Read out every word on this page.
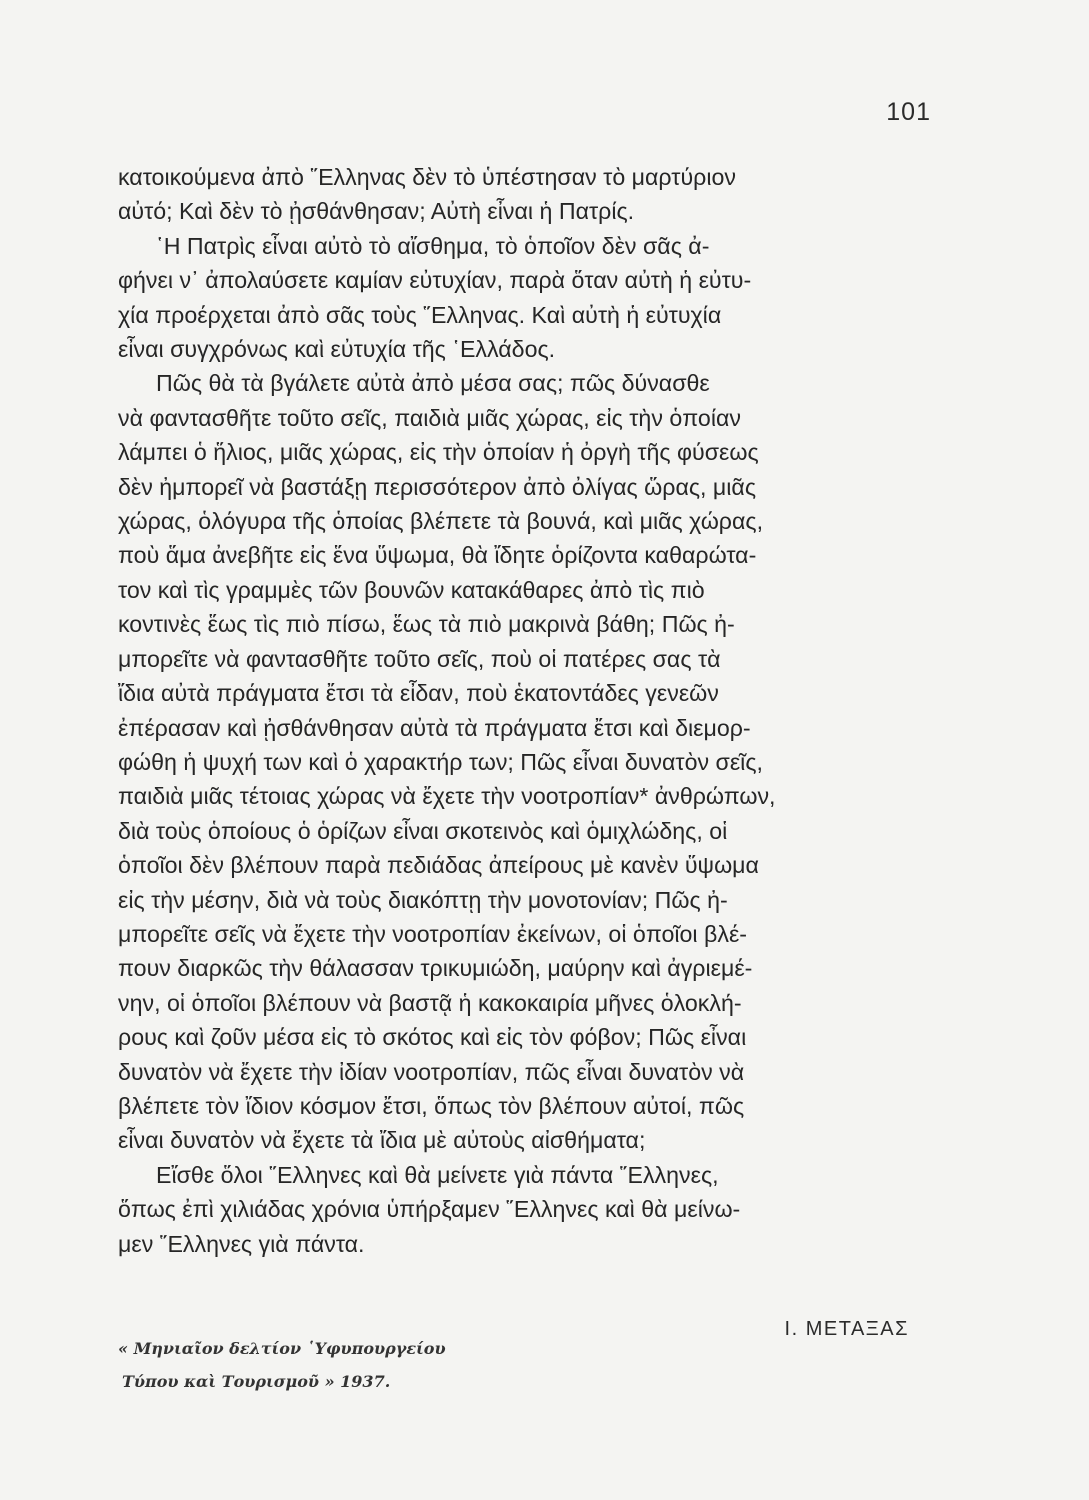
101
κατοικούμενα ἀπὸ ῞Ελληνας δὲν τὸ ὑπέστησαν τὸ μαρτύριον
αὐτό; Καὶ δὲν τὸ ᾐσθάνθησαν; Αὐτὴ εἶναι ἡ Πατρίς.
῾Η Πατρὶς εἶναι αὐτὸ τὸ αἴσθημα, τὸ ὁποῖον δὲν σᾶς ἀ-
φήνει ν᾽ ἀπολαύσετε καμίαν εὐτυχίαν, παρὰ ὅταν αὐτὴ ἡ εὐτυ-
χία προέρχεται ἀπὸ σᾶς τοὺς ῞Ελληνας. Καὶ αὐτὴ ἡ εὐτυχία
εἶναι συγχρόνως καὶ εὐτυχία τῆς ῾Ελλάδος.
Πῶς θὰ τὰ βγάλετε αὐτὰ ἀπὸ μέσα σας; πῶς δύνασθε
νὰ φαντασθῆτε τοῦτο σεῖς, παιδιὰ μιᾶς χώρας, εἰς τὴν ὁποίαν
λάμπει ὁ ἥλιος, μιᾶς χώρας, εἰς τὴν ὁποίαν ἡ ὀργὴ τῆς φύσεως
δὲν ἠμπορεῖ νὰ βαστάξῃ περισσότερον ἀπὸ ὀλίγας ὥρας, μιᾶς
χώρας, ὁλόγυρα τῆς ὁποίας βλέπετε τὰ βουνά, καὶ μιᾶς χώρας,
ποὺ ἅμα ἀνεβῆτε εἰς ἕνα ὕψωμα, θὰ ἴδητε ὁρίζοντα καθαρώτα-
τον καὶ τὶς γραμμὲς τῶν βουνῶν κατακάθαρες ἀπὸ τὶς πιὸ
κοντινὲς ἕως τὶς πιὸ πίσω, ἕως τὰ πιὸ μακρινὰ βάθη; Πῶς ἠ-
μπορεῖτε νὰ φαντασθῆτε τοῦτο σεῖς, ποὺ οἱ πατέρες σας τὰ
ἴδια αὐτὰ πράγματα ἔτσι τὰ εἶδαν, ποὺ ἑκατοντάδες γενεῶν
ἐπέρασαν καὶ ᾐσθάνθησαν αὐτὰ τὰ πράγματα ἔτσι καὶ διεμορ-
φώθη ἡ ψυχή των καὶ ὁ χαρακτήρ των; Πῶς εἶναι δυνατὸν σεῖς,
παιδιὰ μιᾶς τέτοιας χώρας νὰ ἔχετε τὴν νοοτροπίαν* ἀνθρώπων,
διὰ τοὺς ὁποίους ὁ ὁρίζων εἶναι σκοτεινὸς καὶ ὁμιχλώδης, οἱ
ὁποῖοι δὲν βλέπουν παρὰ πεδιάδας ἀπείρους μὲ κανὲν ὕψωμα
εἰς τὴν μέσην, διὰ νὰ τοὺς διακόπτῃ τὴν μονοτονίαν; Πῶς ἠ-
μπορεῖτε σεῖς νὰ ἔχετε τὴν νοοτροπίαν ἐκείνων, οἱ ὁποῖοι βλέ-
πουν διαρκῶς τὴν θάλασσαν τρικυμιώδη, μαύρην καὶ ἀγριεμέ-
νην, οἱ ὁποῖοι βλέπουν νὰ βαστᾷ ἡ κακοκαιρία μῆνες ὁλοκλή-
ρους καὶ ζοῦν μέσα εἰς τὸ σκότος καὶ εἰς τὸν φόβον; Πῶς εἶναι
δυνατὸν νὰ ἔχετε τὴν ἰδίαν νοοτροπίαν, πῶς εἶναι δυνατὸν νὰ
βλέπετε τὸν ἴδιον κόσμον ἔτσι, ὅπως τὸν βλέπουν αὐτοί, πῶς
εἶναι δυνατὸν νὰ ἔχετε τὰ ἴδια μὲ αὐτοὺς αἰσθήματα;
Εἴσθε ὅλοι ῞Ελληνες καὶ θὰ μείνετε γιὰ πάντα ῞Ελληνες,
ὅπως ἐπὶ χιλιάδας χρόνια ὑπήρξαμεν ῞Ελληνες καὶ θὰ μείνω-
μεν ῞Ελληνες γιὰ πάντα.
Ι. ΜΕΤΑΞΑΣ
« Μηνιαῖον δελτίον ῾Υφυπουργείου
Τύπου καὶ Τουρισμοῦ » 1937.
